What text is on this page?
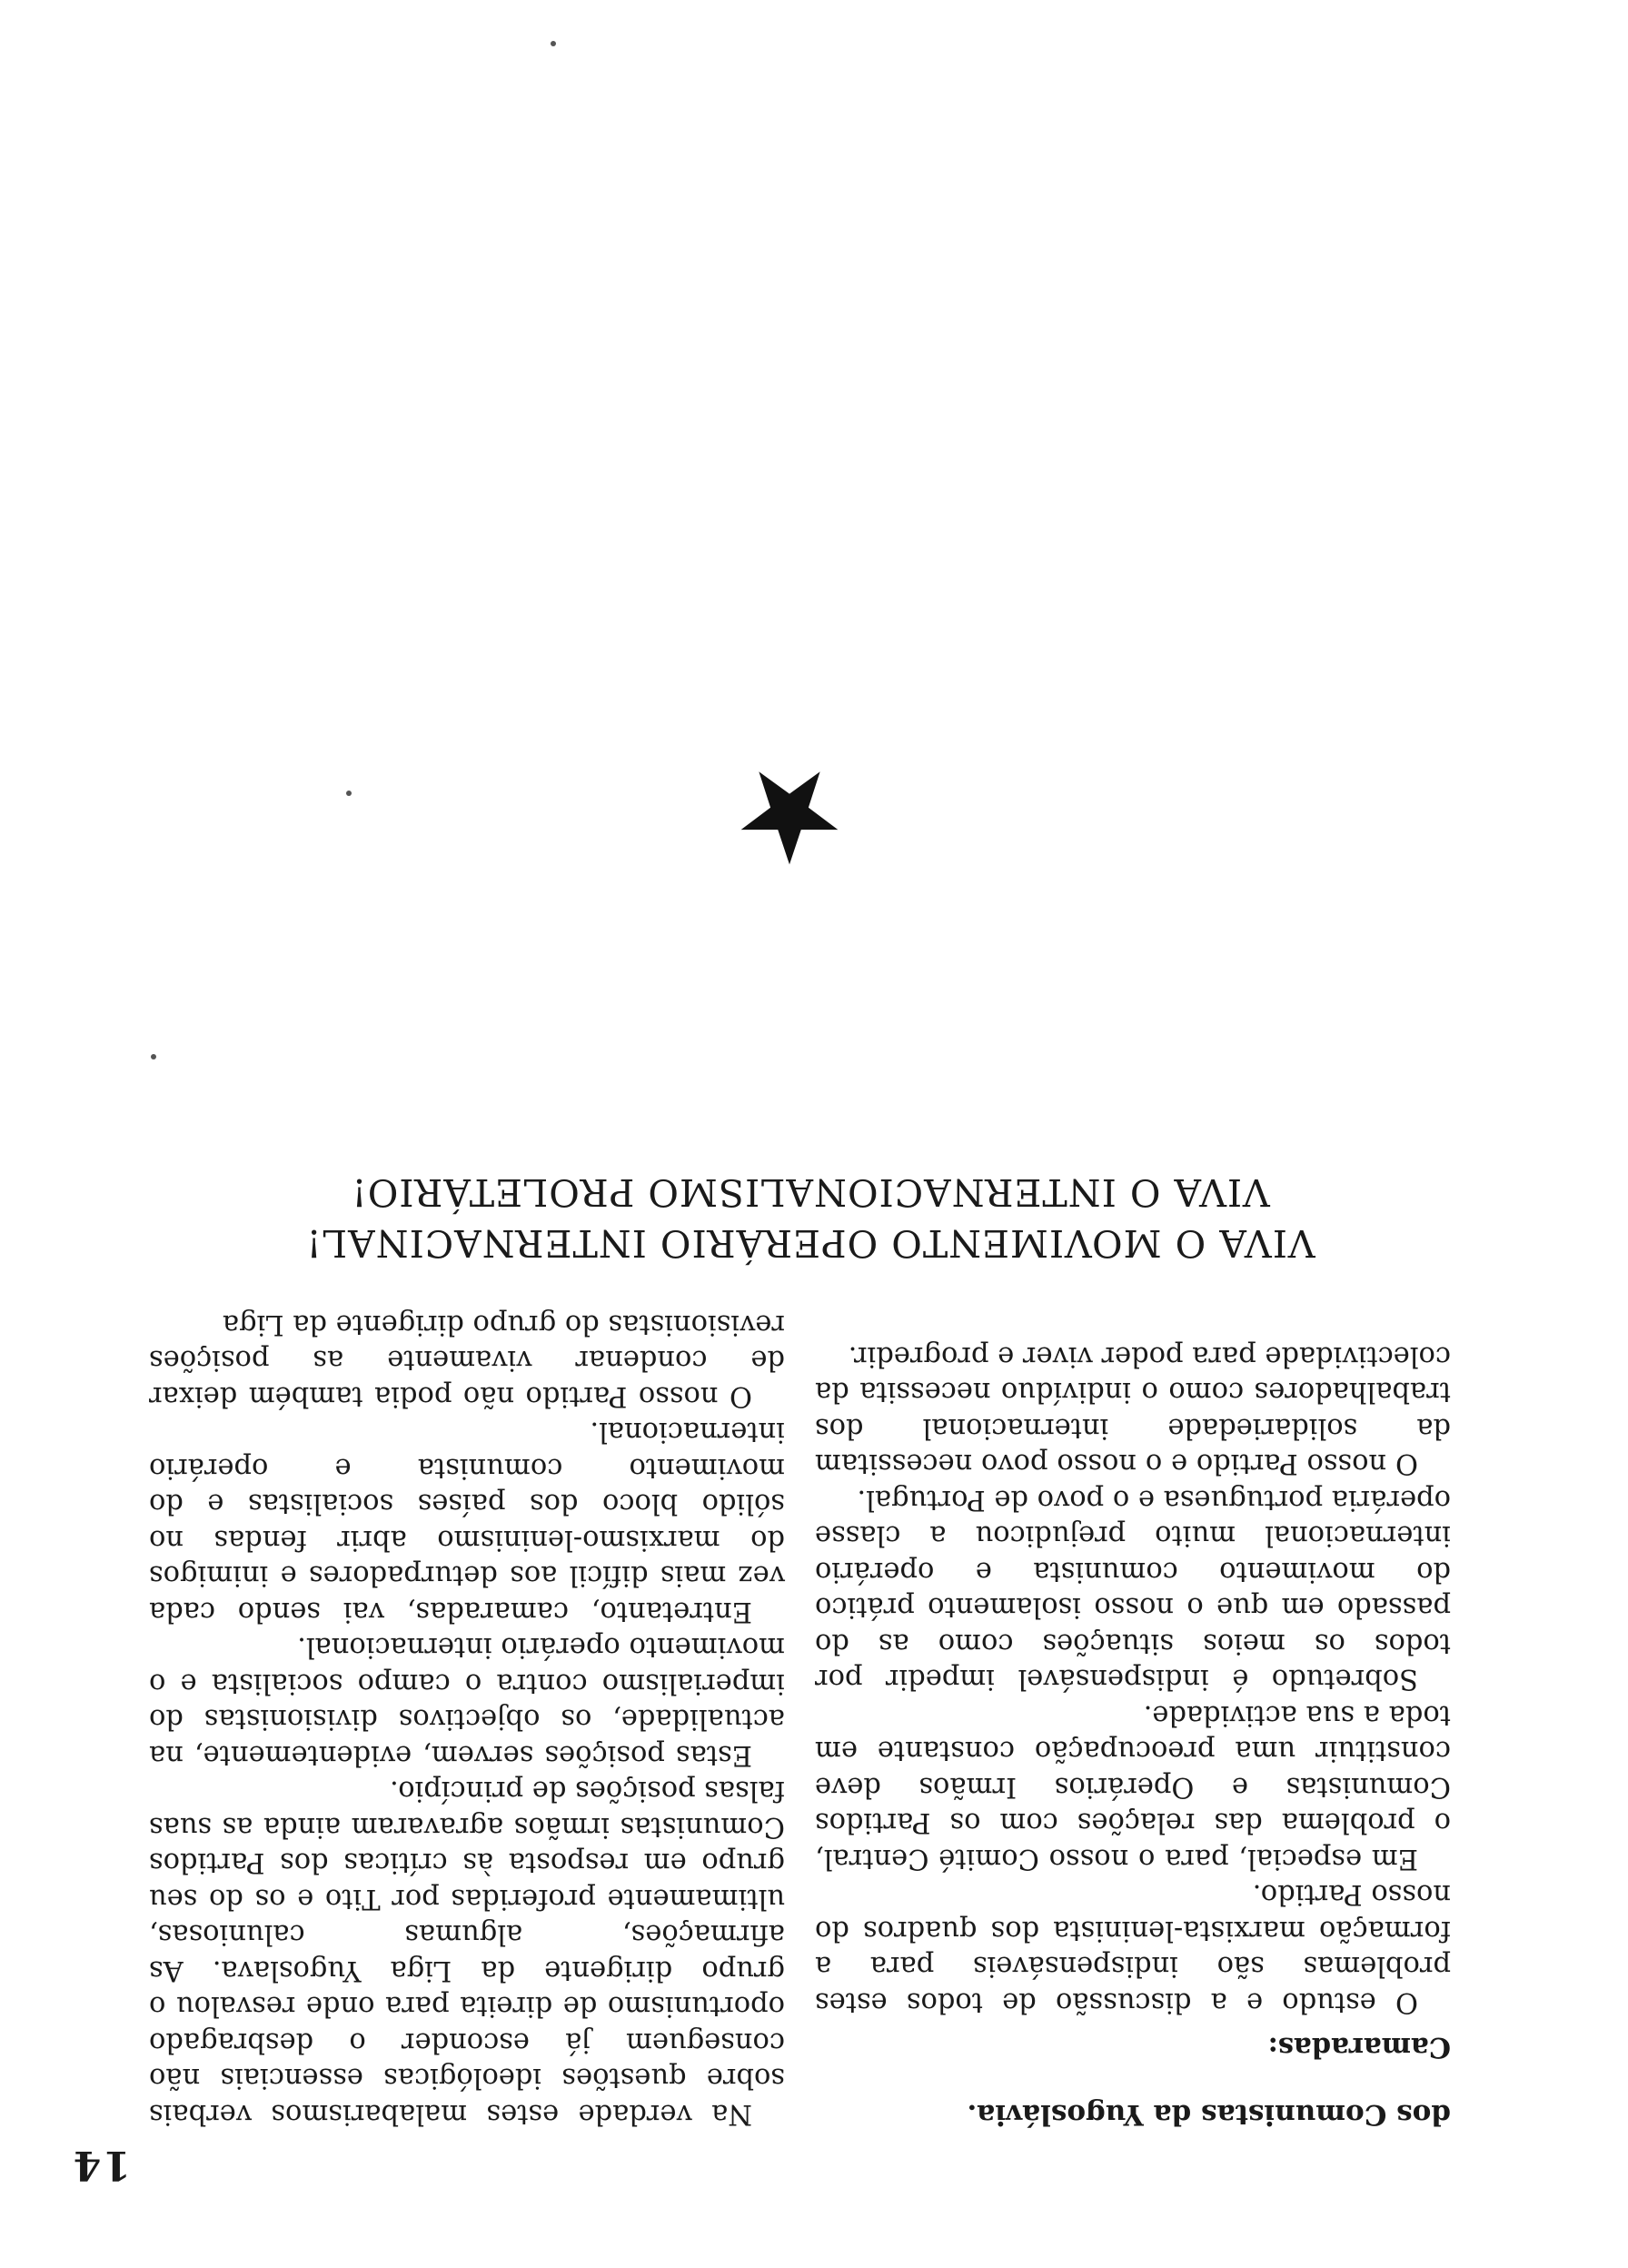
14

dos Comunistas da Yugoslávia.

Camaradas:

O estudo e a discussão de todos estes problemas são indispensáveis para a formação marxista-leninista dos quadros do nosso Partido.

Em especial, para o nosso Comité Central, o problema das relações com os Partidos Comunistas e Operários Irmãos deve constituir uma preocupação constante em toda a sua actividade.

Sobretudo é indispensável impedir por todos os meios situações como as do passado em que o nosso isolamento prático do movimento comunista e operário internacional muito prejudicou a classe operária portuguesa e o povo de Portugal.

O nosso Partido e o nosso povo necessitam da solidariedade internacional dos trabalhadores como o indivíduo necessita da colectividade para poder viver e progredir.

Na verdade estes malabarismos verbais sobre questões ideológicas essenciais não conseguem já esconder o desbragado oportunismo de direita para onde resvalou o grupo dirigente da Liga Yugoslava. As afirmações, algumas caluniosas, ultimamente proferidas por Tito e os do seu grupo em resposta às críticas dos Partidos Comunistas irmãos agravaram ainda as suas falsas posições de princípio.

Estas posições servem, evidentemente, na actualidade, os objectivos divisionistas do imperialismo contra o campo socialista e o movimento operário internacional.

Entretanto, camaradas, vai sendo cada vez mais difícil aos deturpadores e inimigos do marxismo-leninismo abrir fendas no sólido bloco dos países socialistas e do movimento comunista e operário internacional.

O nosso Partido não podia também deixar de condenar vivamente as posições revisionistas do grupo dirigente da Liga

VIVA O MOVIMENTO OPERÁRIO INTERNACINAL!
VIVA O INTERNACIONALISMO PROLETÁRIO!
